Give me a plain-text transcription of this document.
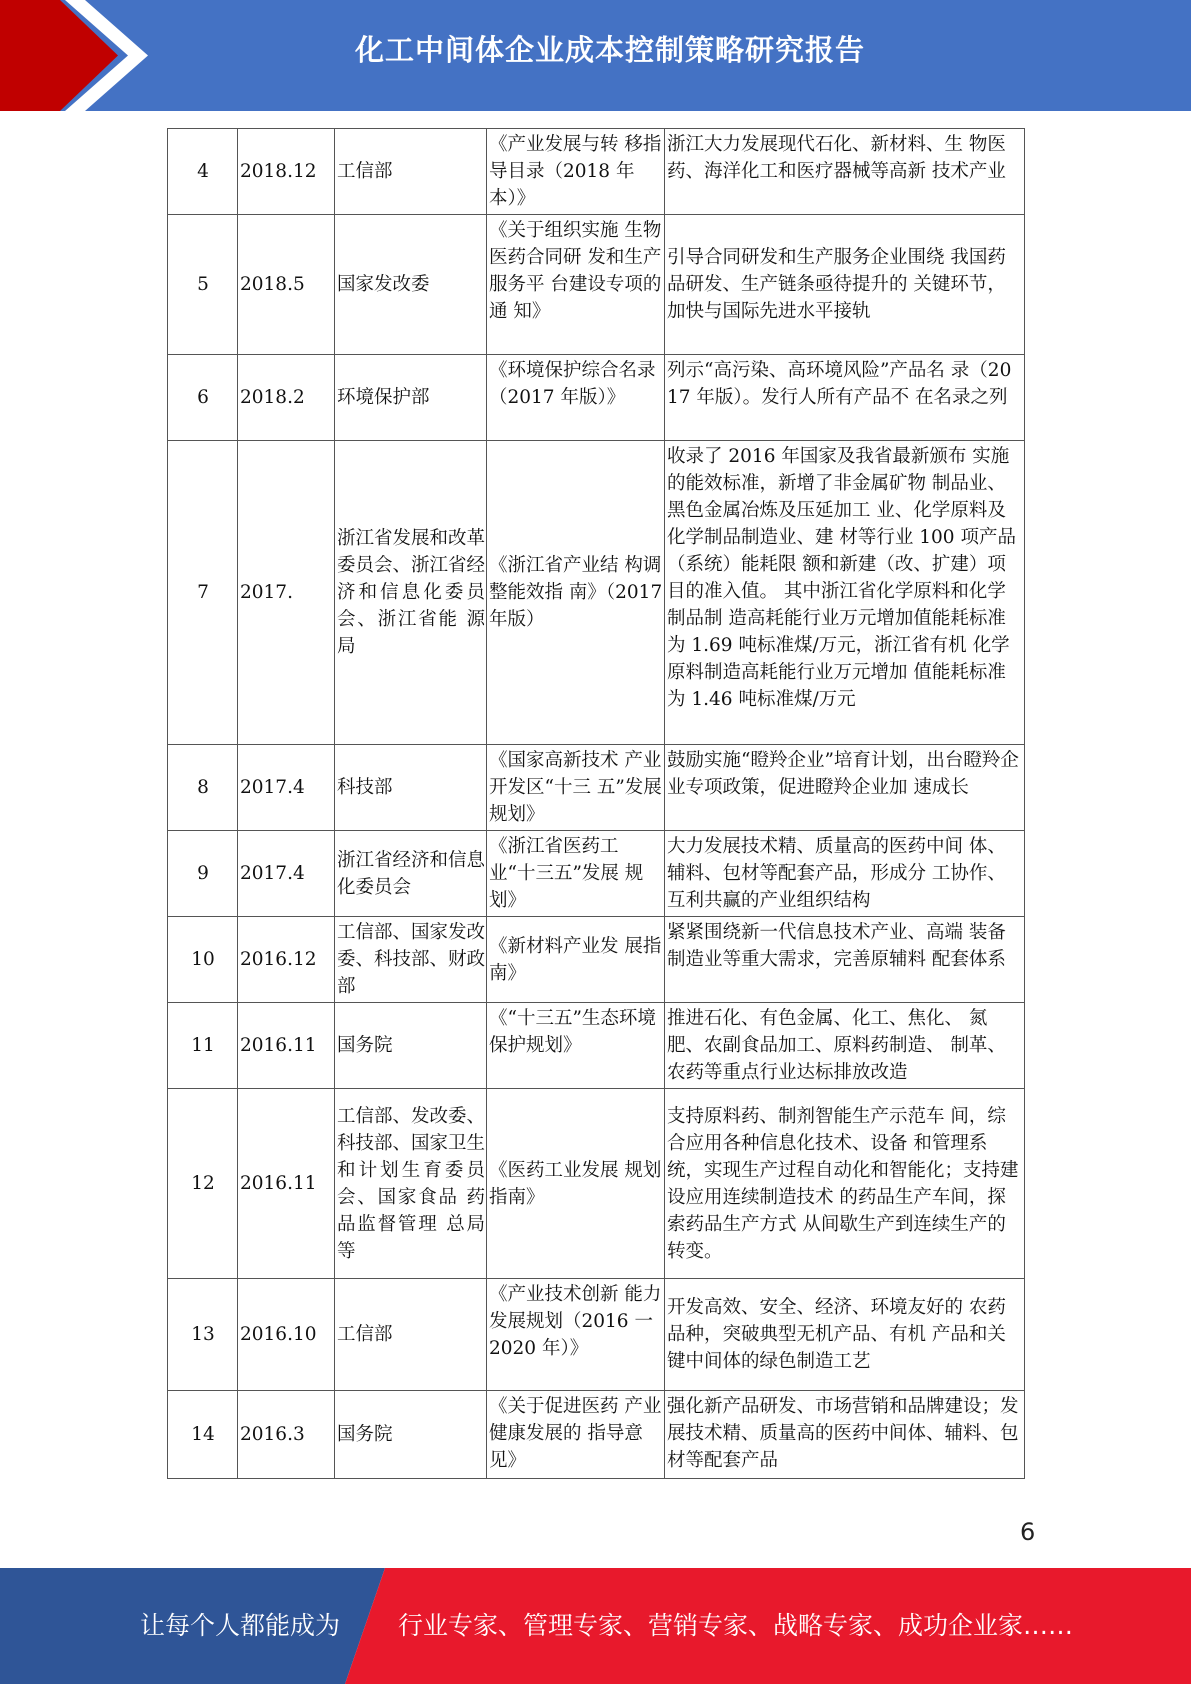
化工中间体企业成本控制策略研究报告
4	2018.12	工信部	《产业发展与转 移指导目录（2018 年本）》	浙江大力发展现代石化、新材料、生 物医药、海洋化工和医疗器械等高新 技术产业
5	2018.5	国家发改委	《关于组织实施 生物医药合同研 发和生产服务平 台建设专项的通 知》	引导合同研发和生产服务企业围绕 我国药品研发、生产链条亟待提升的 关键环节，加快与国际先进水平接轨
6	2018.2	环境保护部	《环境保护综合名录（2017 年版）》	列示“高污染、高环境风险”产品名 录（2017 年版）。发行人所有产品不 在名录之列
7	2017.	浙江省发展和改革委员会、浙江省经济和信息化委员 会、浙江省能 源局	《浙江省产业结 构调整能效指 南》（2017 年版）	收录了 2016 年国家及我省最新颁布 实施的能效标准，新增了非金属矿物 制品业、黑色金属冶炼及压延加工 业、化学原料及化学制品制造业、建 材等行业 100 项产品（系统）能耗限 额和新建（改、扩建）项目的准入值。 其中浙江省化学原料和化学制品制 造高耗能行业万元增加值能耗标准 为 1.69 吨标准煤/万元，浙江省有机 化学原料制造高耗能行业万元增加 值能耗标准为 1.46 吨标准煤/万元
8	2017.4	科技部	《国家高新技术 产业开发区“十三 五”发展规划》	鼓励实施“瞪羚企业”培育计划，出台瞪羚企业专项政策，促进瞪羚企业加 速成长
9	2017.4	浙江省经济和信息化委员会	《浙江省医药工 业“十三五”发展 规划》	大力发展技术精、质量高的医药中间 体、辅料、包材等配套产品，形成分 工协作、互利共赢的产业组织结构
10	2016.12	工信部、国家发改委、科技部、财政部	《新材料产业发 展指南》	紧紧围绕新一代信息技术产业、高端 装备制造业等重大需求，完善原辅料 配套体系
11	2016.11	国务院	《“十三五”生态环境保护规划》	推进石化、有色金属、化工、焦化、 氮肥、农副食品加工、原料药制造、 制革、农药等重点行业达标排放改造
12	2016.11	工信部、发改委、科技部、国家卫生和计划生育委员 会、国家食品 药品监督管理 总局等	《医药工业发展 规划指南》	支持原料药、制剂智能生产示范车 间，综合应用各种信息化技术、设备 和管理系统，实现生产过程自动化和智能化；支持建设应用连续制造技术 的药品生产车间，探索药品生产方式 从间歇生产到连续生产的转变。
13	2016.10	工信部	《产业技术创新 能力发展规划（2016 一 2020 年）》	开发高效、安全、经济、环境友好的 农药品种，突破典型无机产品、有机 产品和关键中间体的绿色制造工艺
14	2016.3	国务院	《关于促进医药 产业健康发展的 指导意见》	强化新产品研发、市场营销和品牌建设；发展技术精、质量高的医药中间体、辅料、包材等配套产品
6
让每个人都能成为 行业专家、管理专家、营销专家、战略专家、成功企业家……
